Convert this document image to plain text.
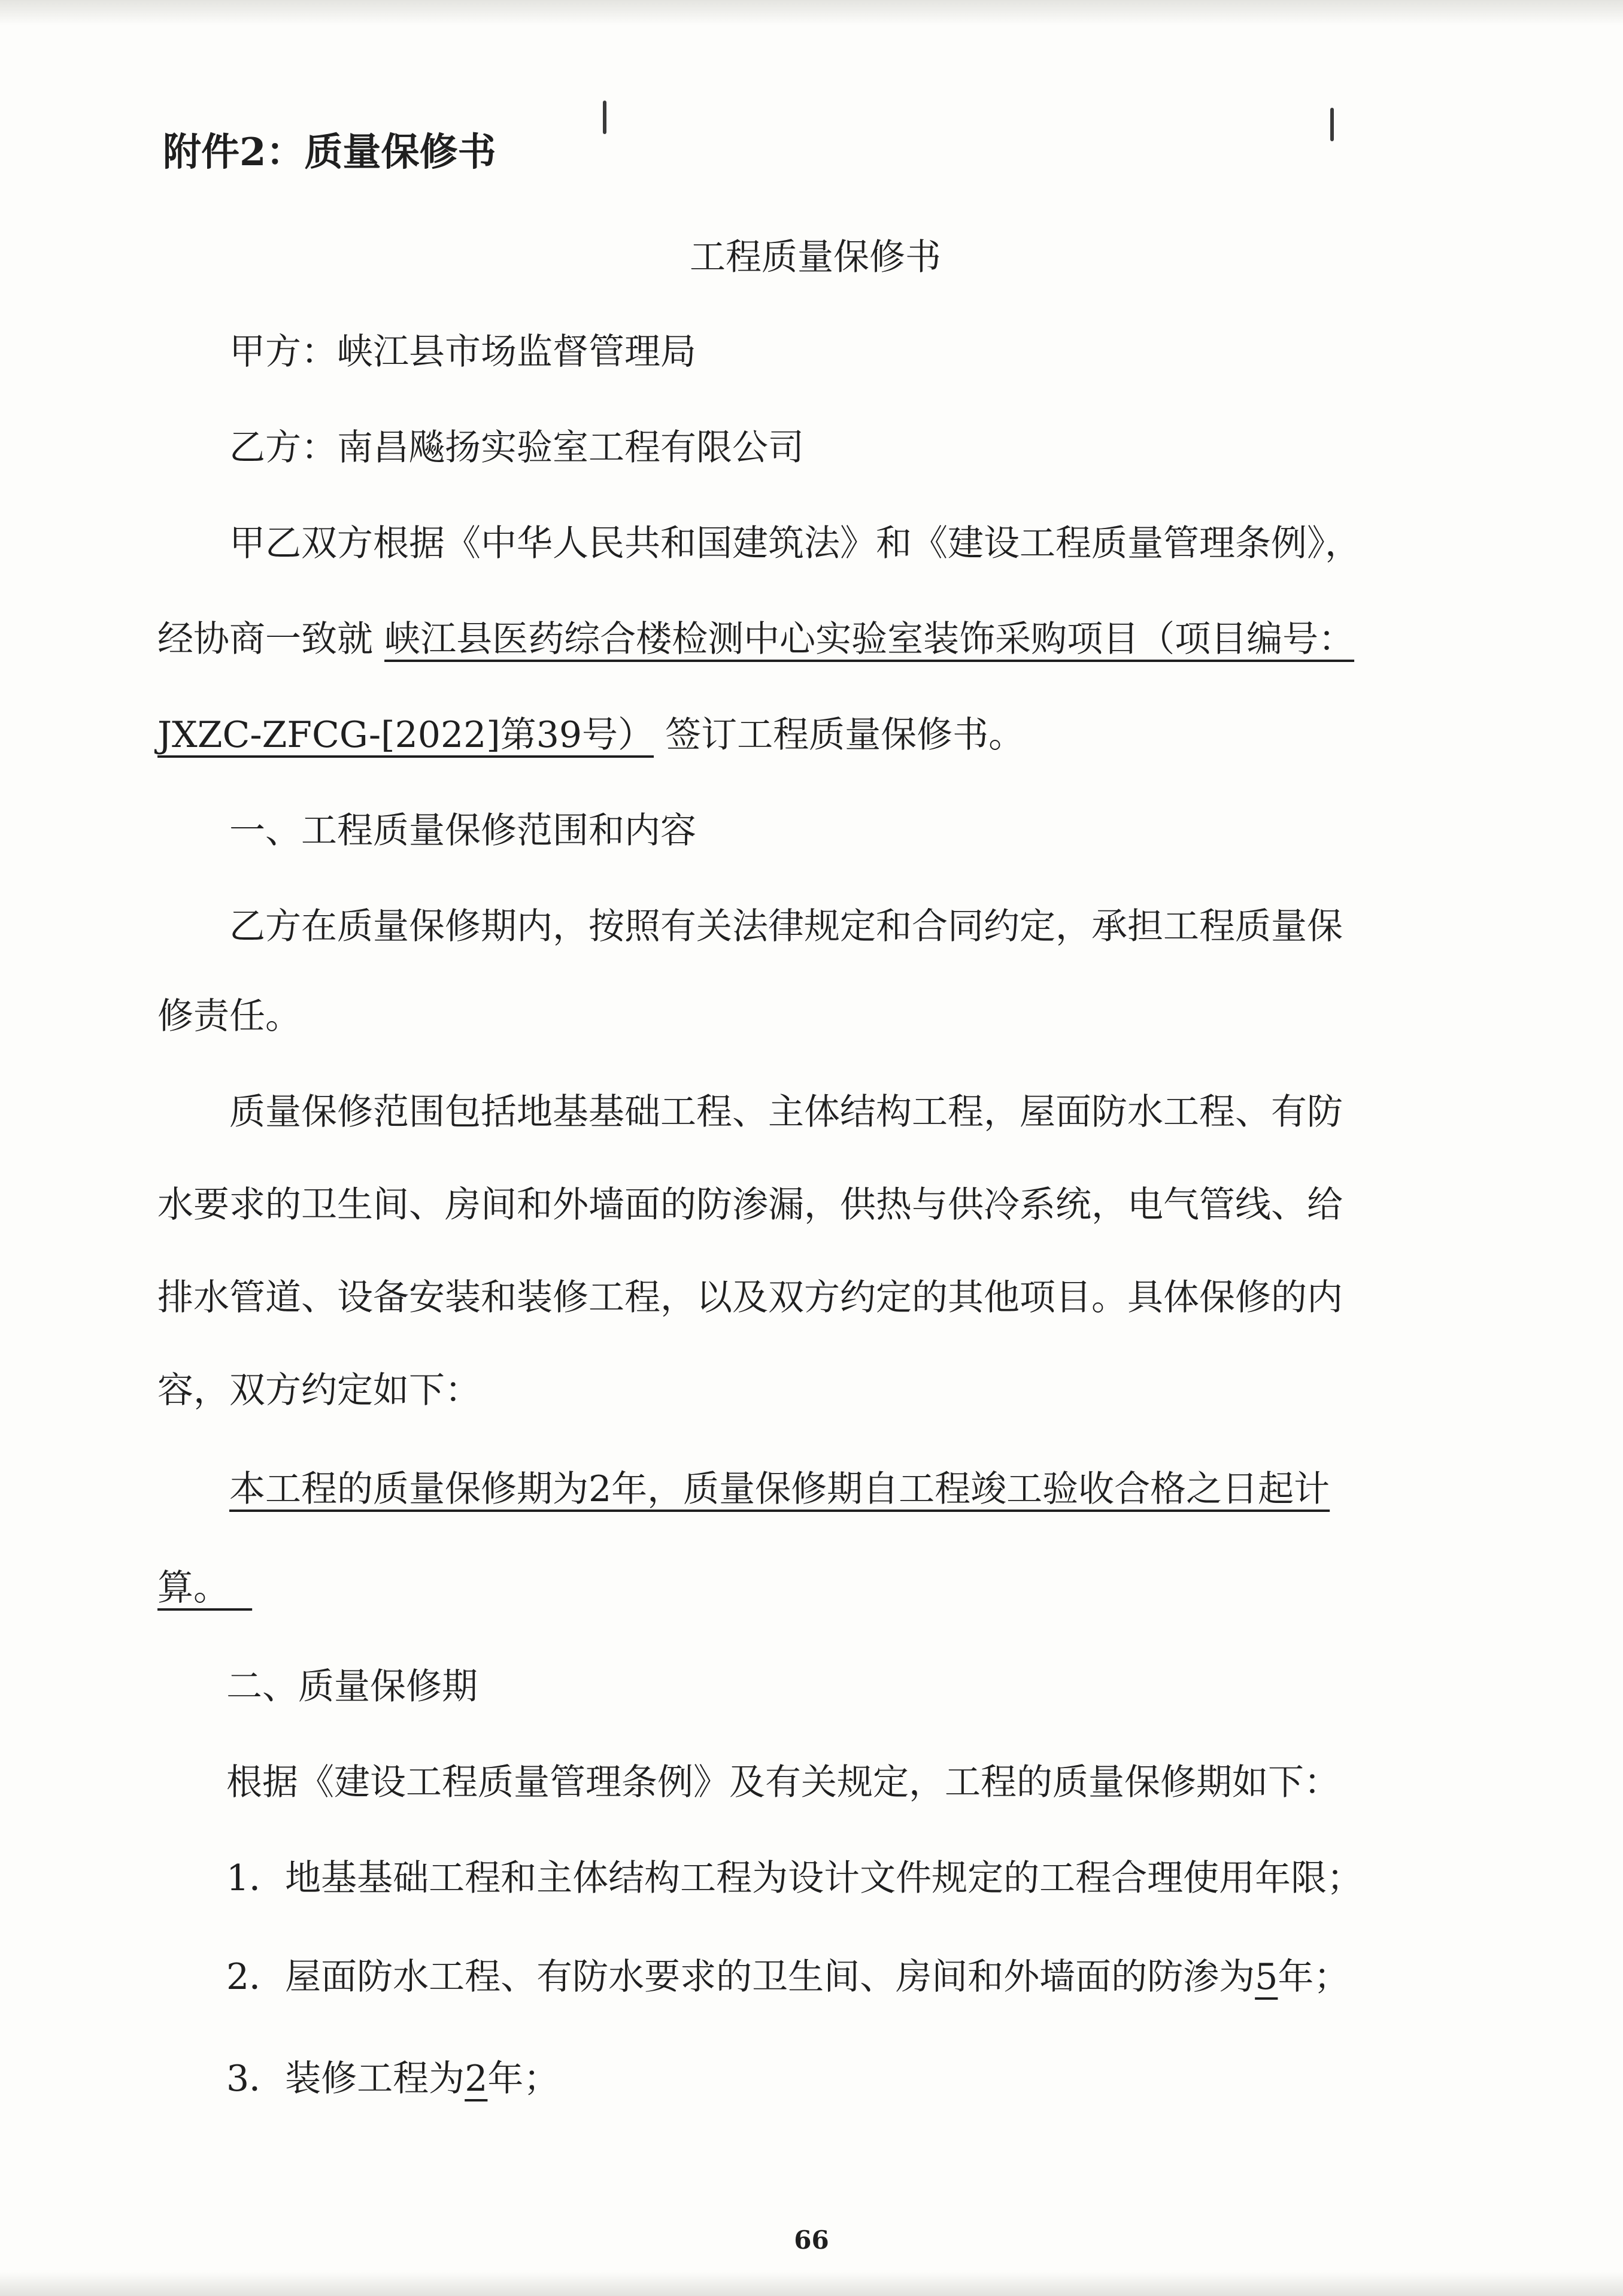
附件2：质量保修书
工程质量保修书
甲方：峡江县市场监督管理局
乙方：南昌飚扬实验室工程有限公司
甲乙双方根据《中华人民共和国建筑法》和《建设工程质量管理条例》，
经协商一致就 峡江县医药综合楼检测中心实验室装饰采购项目（项目编号：
JXZC-ZFCG-[2022]第39号） 签订工程质量保修书。
一、工程质量保修范围和内容
乙方在质量保修期内，按照有关法律规定和合同约定，承担工程质量保
修责任。
质量保修范围包括地基基础工程、主体结构工程，屋面防水工程、有防
水要求的卫生间、房间和外墙面的防渗漏，供热与供冷系统，电气管线、给
排水管道、设备安装和装修工程，以及双方约定的其他项目。具体保修的内
容，双方约定如下：
本工程的质量保修期为2年，质量保修期自工程竣工验收合格之日起计
算。
二、质量保修期
根据《建设工程质量管理条例》及有关规定，工程的质量保修期如下：
1．地基基础工程和主体结构工程为设计文件规定的工程合理使用年限；
2．屋面防水工程、有防水要求的卫生间、房间和外墙面的防渗为5年；
3．装修工程为2年；
66
